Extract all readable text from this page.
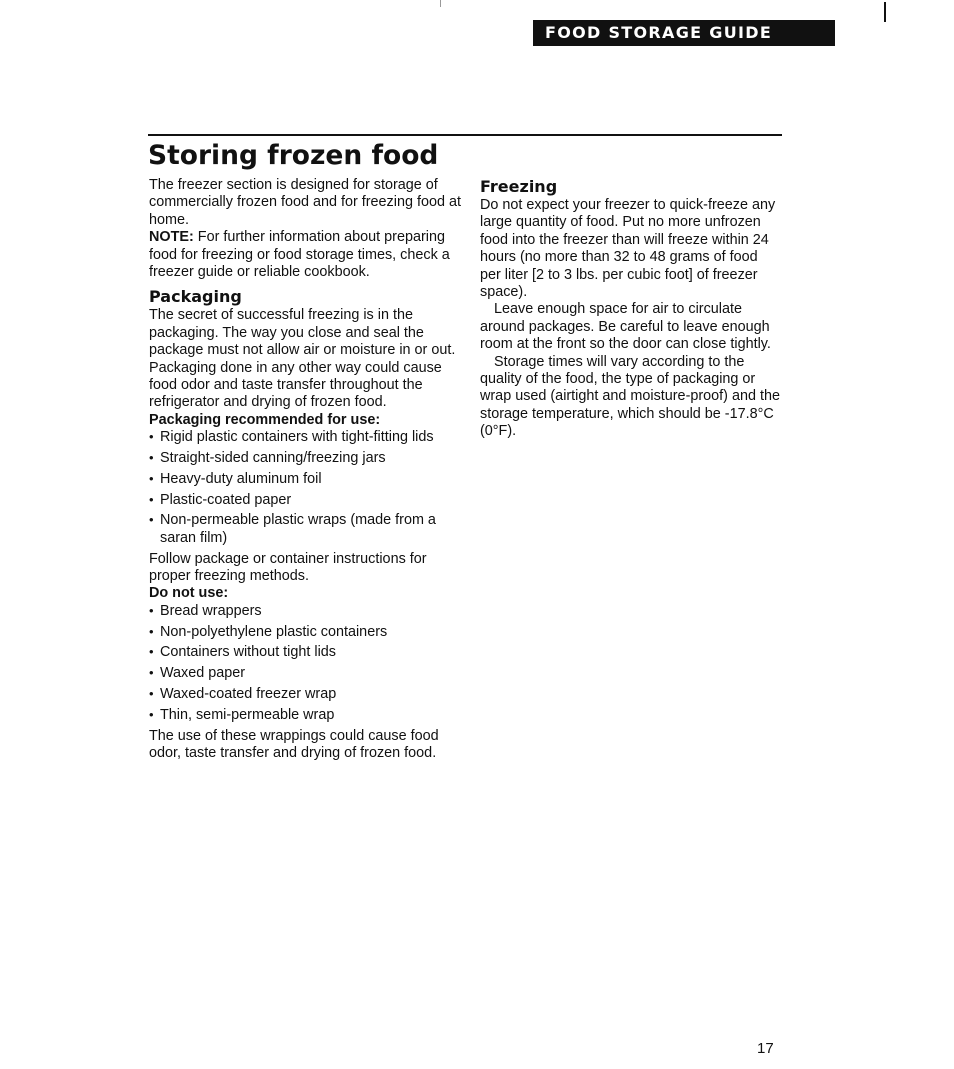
FOOD STORAGE GUIDE
Storing frozen food

The freezer section is designed for storage of commercially frozen food and for freezing food at home.

NOTE: For further information about preparing food for freezing or food storage times, check a freezer guide or reliable cookbook.

Packaging

The secret of successful freezing is in the packaging. The way you close and seal the package must not allow air or moisture in or out. Packaging done in any other way could cause food odor and taste transfer throughout the refrigerator and drying of frozen food.

Packaging recommended for use:

• Rigid plastic containers with tight-fitting lids
• Straight-sided canning/freezing jars
• Heavy-duty aluminum foil
• Plastic-coated paper
• Non-permeable plastic wraps (made from a saran film)

Follow package or container instructions for proper freezing methods.

Do not use:

• Bread wrappers
• Non-polyethylene plastic containers
• Containers without tight lids
• Waxed paper
• Waxed-coated freezer wrap
• Thin, semi-permeable wrap

The use of these wrappings could cause food odor, taste transfer and drying of frozen food.

Freezing

Do not expect your freezer to quick-freeze any large quantity of food. Put no more unfrozen food into the freezer than will freeze within 24 hours (no more than 32 to 48 grams of food per liter [2 to 3 lbs. per cubic foot] of freezer space).

Leave enough space for air to circulate around packages. Be careful to leave enough room at the front so the door can close tightly.

Storage times will vary according to the quality of the food, the type of packaging or wrap used (airtight and moisture-proof) and the storage temperature, which should be -17.8°C (0°F).

17
